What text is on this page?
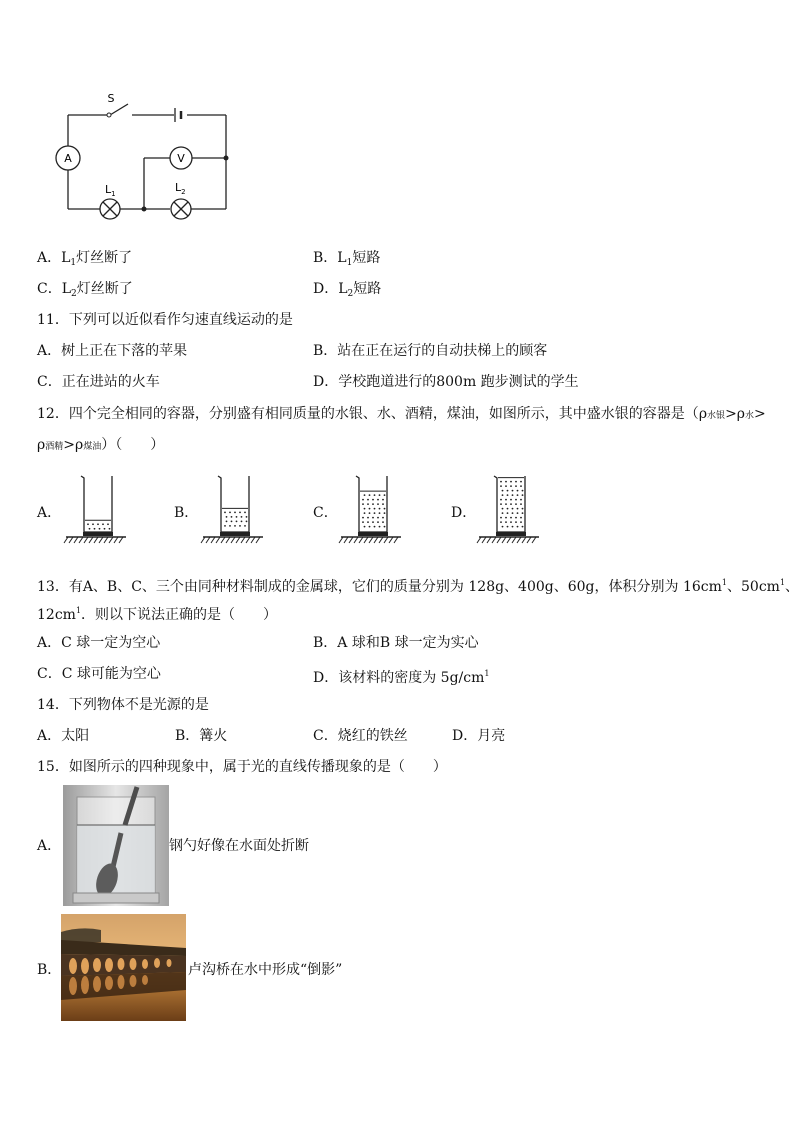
S
A	V
$L_1$	$L_2$
A．$L_1$灯丝断了	B．$L_1$短路
C．$L_2$灯丝断了	D．$L_2$短路
11．下列可以近似看作匀速直线运动的是
A．树上正在下落的苹果	B．站在正在运行的自动扶梯上的顾客
C．正在进站的火车	D．学校跑道进行的800m 跑步测试的学生
12．四个完全相同的容器，分别盛有相同质量的水银、水、酒精，煤油，如图所示，其中盛水银的容器是（ρ水银>ρ水>
ρ酒精>ρ煤油）（　　）
A．	B．	C．	D．
13．有A、B、C、三个由同种材料制成的金属球，它们的质量分别为 128g、400g、60g，体积分别为 $16cm^1$、$50cm^1$、
$12cm^1$．则以下说法正确的是（　　）
A．C 球一定为空心	B．A 球和B 球一定为实心
C．C 球可能为空心	D．该材料的密度为 $5g/cm^1$
14．下列物体不是光源的是
A．太阳	B．篝火	C．烧红的铁丝	D．月亮
15．如图所示的四种现象中，属于光的直线传播现象的是（　　）
A．	钢勺好像在水面处折断
B．	卢沟桥在水中形成“倒影”
